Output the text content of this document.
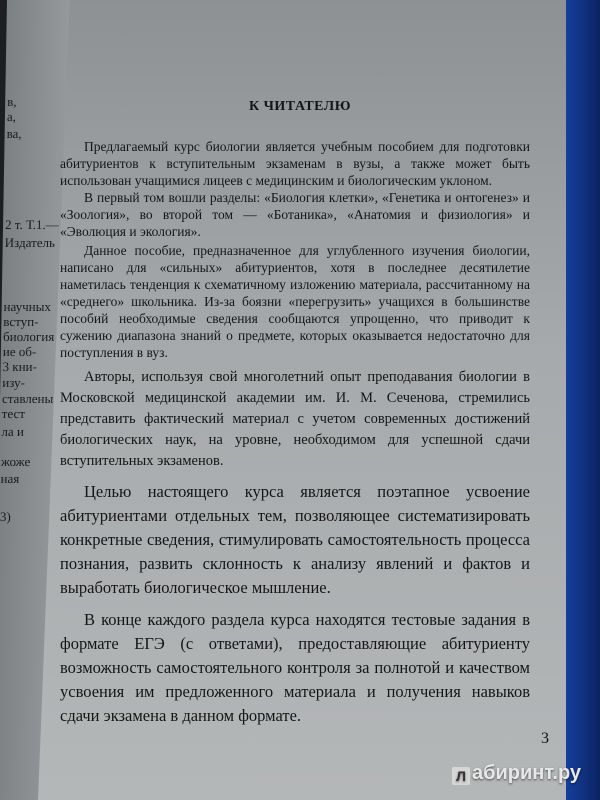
в,
а,
ва,
2 т. Т.1.—
Издатель
научных
вступ-
биология
ие об-
3 кни-
изу-
ставлены
тест
ла и
жоже
ная
3)
К ЧИТАТЕЛЮ

Предлагаемый курс биологии является учебным пособием для подготовки абитуриентов к вступительным экзаменам в вузы, а также может быть использован учащимися лицеев с медицинским и биологическим уклоном.

В первый том вошли разделы: «Биология клетки», «Генетика и онтогенез» и «Зоология», во второй том — «Ботаника», «Анатомия и физиология» и «Эволюция и экология».

Данное пособие, предназначенное для углубленного изучения биологии, написано для «сильных» абитуриентов, хотя в последнее десятилетие наметилась тенденция к схематичному изложению материала, рассчитанному на «среднего» школьника. Из-за боязни «перегрузить» учащихся в большинстве пособий необходимые сведения сообщаются упрощенно, что приводит к сужению диапазона знаний о предмете, которых оказывается недостаточно для поступления в вуз.

Авторы, используя свой многолетний опыт преподавания биологии в Московской медицинской академии им. И. М. Сеченова, стремились представить фактический материал с учетом современных достижений биологических наук, на уровне, необходимом для успешной сдачи вступительных экзаменов.

Целью настоящего курса является поэтапное усвоение абитуриентами отдельных тем, позволяющее систематизировать конкретные сведения, стимулировать самостоятельность процесса познания, развить склонность к анализу явлений и фактов и выработать биологическое мышление.

В конце каждого раздела курса находятся тестовые задания в формате ЕГЭ (с ответами), предоставляющие абитуриенту возможность самостоятельного контроля за полнотой и качеством усвоения им предложенного материала и получения навыков сдачи экзамена в данном формате.

3
Л абиринт.ру
